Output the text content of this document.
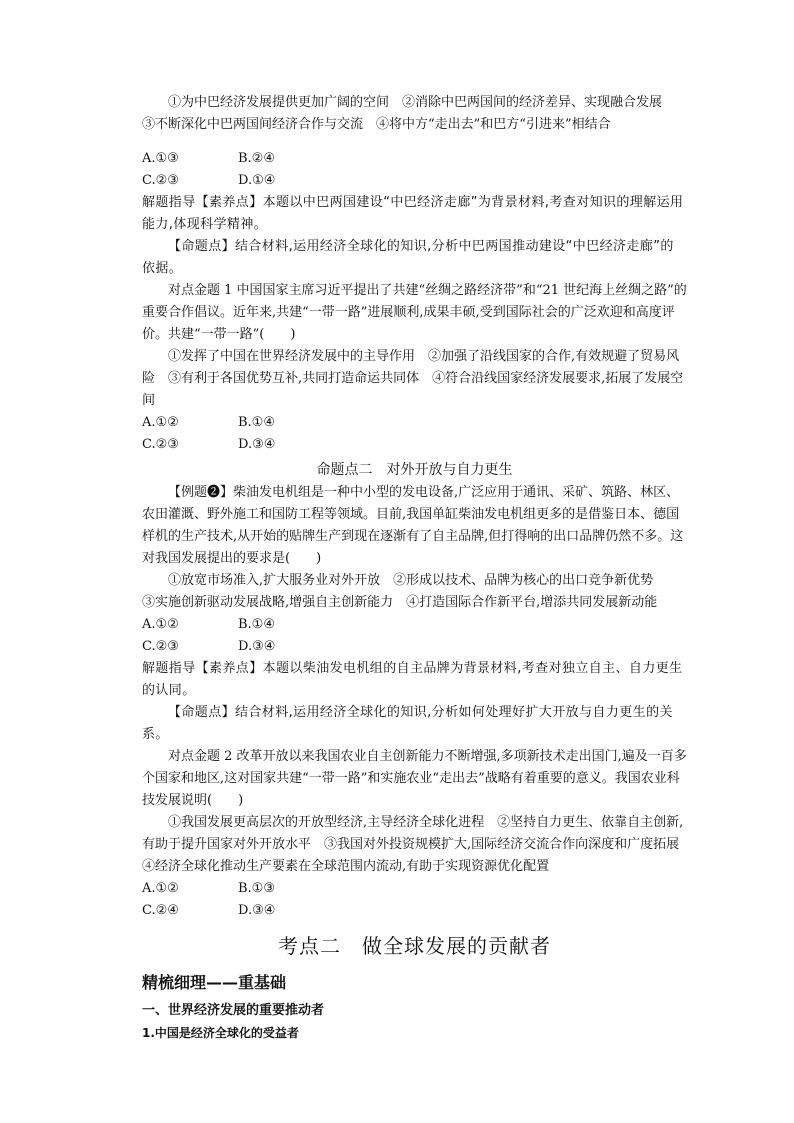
①为中巴经济发展提供更加广阔的空间　②消除中巴两国间的经济差异、实现融合发展

③不断深化中巴两国间经济合作与交流　④将中方“走出去”和巴方“引进来”相结合

A.①③	B.②④
C.②③	D.①④

解题指导【素养点】本题以中巴两国建设“中巴经济走廊”为背景材料,考查对知识的理解运用能力,体现科学精神。

【命题点】结合材料,运用经济全球化的知识,分析中巴两国推动建设“中巴经济走廊”的依据。

对点金题 1 中国国家主席习近平提出了共建“丝绸之路经济带”和“21 世纪海上丝绸之路”的重要合作倡议。近年来,共建“一带一路”进展顺利,成果丰硕,受到国际社会的广泛欢迎和高度评价。共建“一带一路”(　　)

①发挥了中国在世界经济发展中的主导作用　②加强了沿线国家的合作,有效规避了贸易风险　③有利于各国优势互补,共同打造命运共同体　④符合沿线国家经济发展要求,拓展了发展空间

A.①②	B.①④
C.②③	D.③④

命题点二　对外开放与自力更生

【例题❷】柴油发电机组是一种中小型的发电设备,广泛应用于通讯、采矿、筑路、林区、农田灌溉、野外施工和国防工程等领域。目前,我国单缸柴油发电机组更多的是借鉴日本、德国样机的生产技术,从开始的贴牌生产到现在逐渐有了自主品牌,但打得响的出口品牌仍然不多。这对我国发展提出的要求是(　　)

①放宽市场准入,扩大服务业对外开放　②形成以技术、品牌为核心的出口竞争新优势

③实施创新驱动发展战略,增强自主创新能力　④打造国际合作新平台,增添共同发展新动能

A.①②	B.①④
C.②③	D.③④

解题指导【素养点】本题以柴油发电机组的自主品牌为背景材料,考查对独立自主、自力更生的认同。

【命题点】结合材料,运用经济全球化的知识,分析如何处理好扩大开放与自力更生的关系。

对点金题 2 改革开放以来我国农业自主创新能力不断增强,多项新技术走出国门,遍及一百多个国家和地区,这对国家共建“一带一路”和实施农业“走出去”战略有着重要的意义。我国农业科技发展说明(　　)

①我国发展更高层次的开放型经济,主导经济全球化进程　②坚持自力更生、依靠自主创新,有助于提升国家对外开放水平　③我国对外投资规模扩大,国际经济交流合作向深度和广度拓展　④经济全球化推动生产要素在全球范围内流动,有助于实现资源优化配置

A.①②	B.①③
C.②④	D.③④

考点二　做全球发展的贡献者

精梳细理——重基础

一、世界经济发展的重要推动者

1.中国是经济全球化的受益者
